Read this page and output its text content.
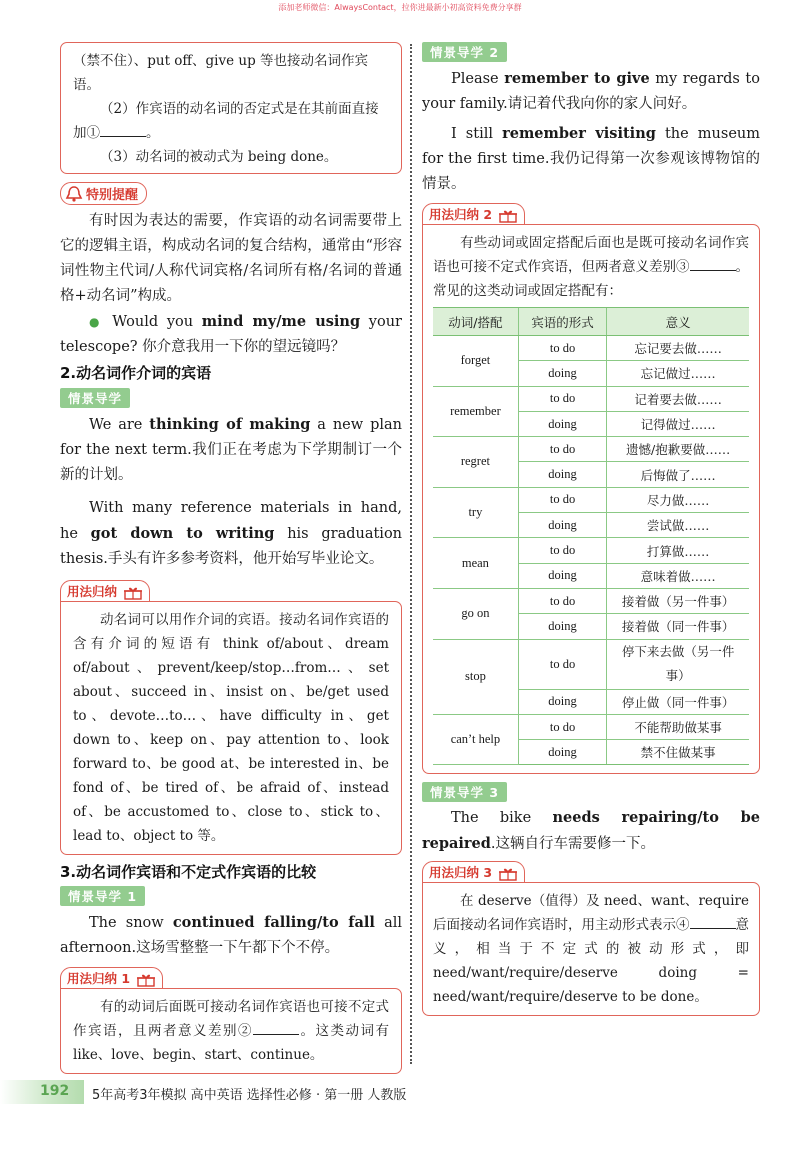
添加老师微信：AlwaysContact，拉你进最新小初高资料免费分享群

（禁不住）、put off、give up 等也接动名词作宾语。

（2）作宾语的动名词的否定式是在其前面直接加①	。

（3）动名词的被动式为 being done。

特别提醒

有时因为表达的需要，作宾语的动名词需要带上它的逻辑主语，构成动名词的复合结构，通常由“形容词性物主代词/人称代词宾格/名词所有格/名词的普通格+动名词”构成。

● Would you mind my/me using your telescope? 你介意我用一下你的望远镜吗？

2.动名词作介词的宾语
情景导学

We are thinking of making a new plan for the next term.我们正在考虑为下学期制订一个新的计划。

With many reference materials in hand, he got down to writing his graduation thesis.手头有许多参考资料，他开始写毕业论文。

用法归纳

动名词可以用作介词的宾语。接动名词作宾语的含有介词的短语有 think of/about、dream of/about、prevent/keep/stop…from…、set about、succeed in、insist on、be/get used to、devote…to…、have difficulty in、get down to、keep on、pay attention to、look forward to、be good at、be interested in、be fond of、be tired of、be afraid of、instead of、be accustomed to、close to、stick to、lead to、object to 等。

3.动名词作宾语和不定式作宾语的比较
情景导学 1

The snow continued falling/to fall all afternoon.这场雪整整一下午都下个不停。

用法归纳 1

有的动词后面既可接动名词作宾语也可接不定式作宾语，且两者意义差别②	。这类动词有 like、love、begin、start、continue。

情景导学 2

Please remember to give my regards to your family.请记着代我向你的家人问好。

I still remember visiting the museum for the first time.我仍记得第一次参观该博物馆的情景。

用法归纳 2

有些动词或固定搭配后面也是既可接动名词作宾语也可接不定式作宾语，但两者意义差别③	。常见的这类动词或固定搭配有：

动词/搭配	宾语的形式	意义
forget	to do	忘记要去做……
	doing	忘记做过……
remember	to do	记着要去做……
	doing	记得做过……
regret	to do	遗憾/抱歉要做……
	doing	后悔做了……
try	to do	尽力做……
	doing	尝试做……
mean	to do	打算做……
	doing	意味着做……
go on	to do	接着做（另一件事）
	doing	接着做（同一件事）
stop	to do	停下来去做（另一件事）
	doing	停止做（同一件事）
can’t help	to do	不能帮助做某事
	doing	禁不住做某事
情景导学 3

The bike needs repairing/to be repaired.这辆自行车需要修一下。

用法归纳 3

在 deserve（值得）及 need、want、require 后面接动名词作宾语时，用主动形式表示④	意义，相当于不定式的被动形式，即 need/want/require/deserve doing = need/want/require/deserve to be done。

192 5年高考3年模拟 高中英语 选择性必修 · 第一册 人教版
